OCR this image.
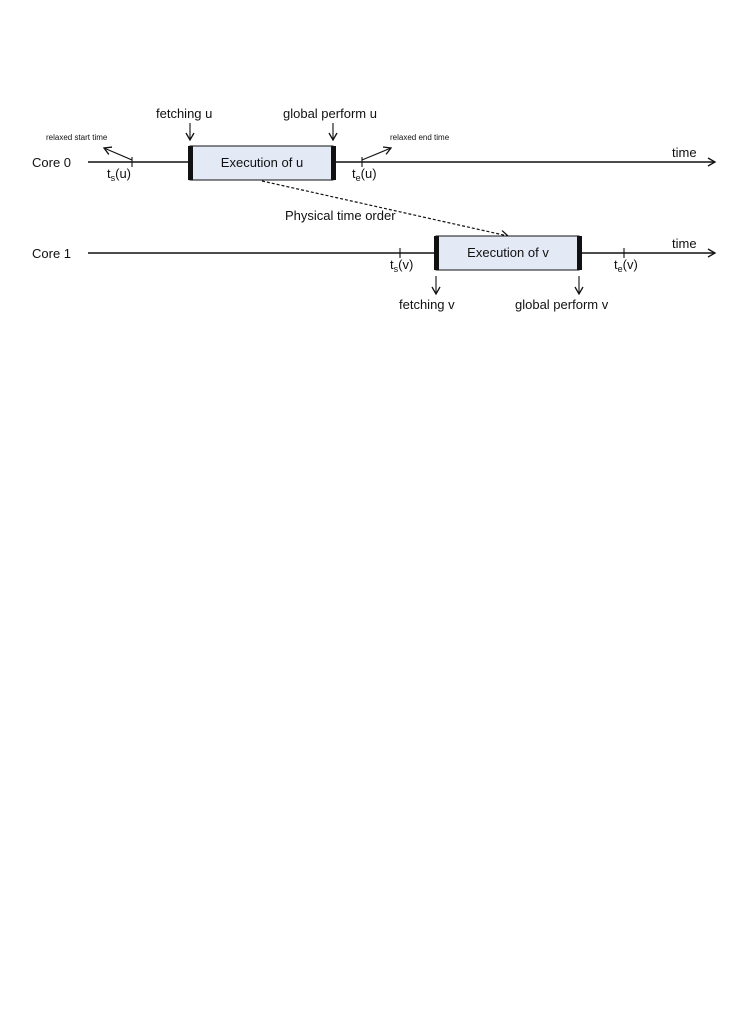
Core 0
time
Execution of u
fetching u	global perform u
relaxed start time
$t_s(u)$
relaxed end time
$t_e(u)$
Physical time order
Core 1
time
Execution of v
$t_s(v)$	$t_e(v)$
fetching v	global perform v
